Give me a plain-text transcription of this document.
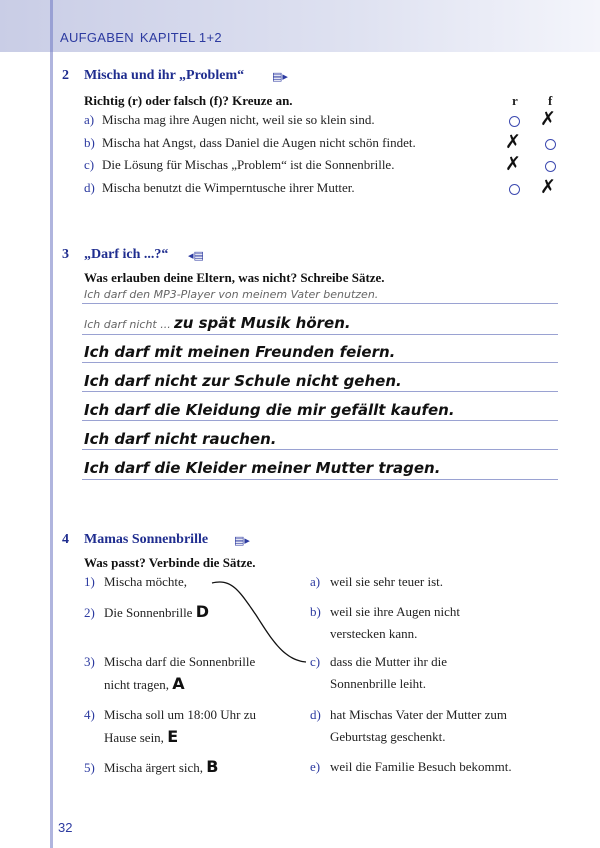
AUFGABEN KAPITEL 1+2
2 Mischa und ihr „Problem“	▤▸
Richtig (r) oder falsch (f)? Kreuze an.	r f
a) Mischa mag ihre Augen nicht, weil sie so klein sind.
b) Mischa hat Angst, dass Daniel die Augen nicht schön findet.
c) Die Lösung für Mischas „Problem“ ist die Sonnenbrille.
d) Mischa benutzt die Wimperntusche ihrer Mutter.
✗
✗
✗
✗
3 „Darf ich ...?“ ◂▤
Was erlauben deine Eltern, was nicht? Schreibe Sätze.
Ich darf den MP3-Player von meinem Vater benutzen.
Ich darf nicht ... zu spät Musik hören.
Ich darf mit meinen Freunden feiern.
Ich darf nicht zur Schule nicht gehen.
Ich darf die Kleidung die mir gefällt kaufen.
Ich darf nicht rauchen.
Ich darf die Kleider meiner Mutter tragen.
4 Mamas Sonnenbrille ▤▸
Was passt? Verbinde die Sätze.
1) Mischa möchte,
2) Die Sonnenbrille D
3) Mischa darf die Sonnenbrille
nicht tragen, A
4) Mischa soll um 18:00 Uhr zu
Hause sein, E
5) Mischa ärgert sich, B
a) weil sie sehr teuer ist.
b) weil sie ihre Augen nicht
verstecken kann.
c) dass die Mutter ihr die
Sonnenbrille leiht.
d) hat Mischas Vater der Mutter zum
Geburtstag geschenkt.
e) weil die Familie Besuch bekommt.
32
